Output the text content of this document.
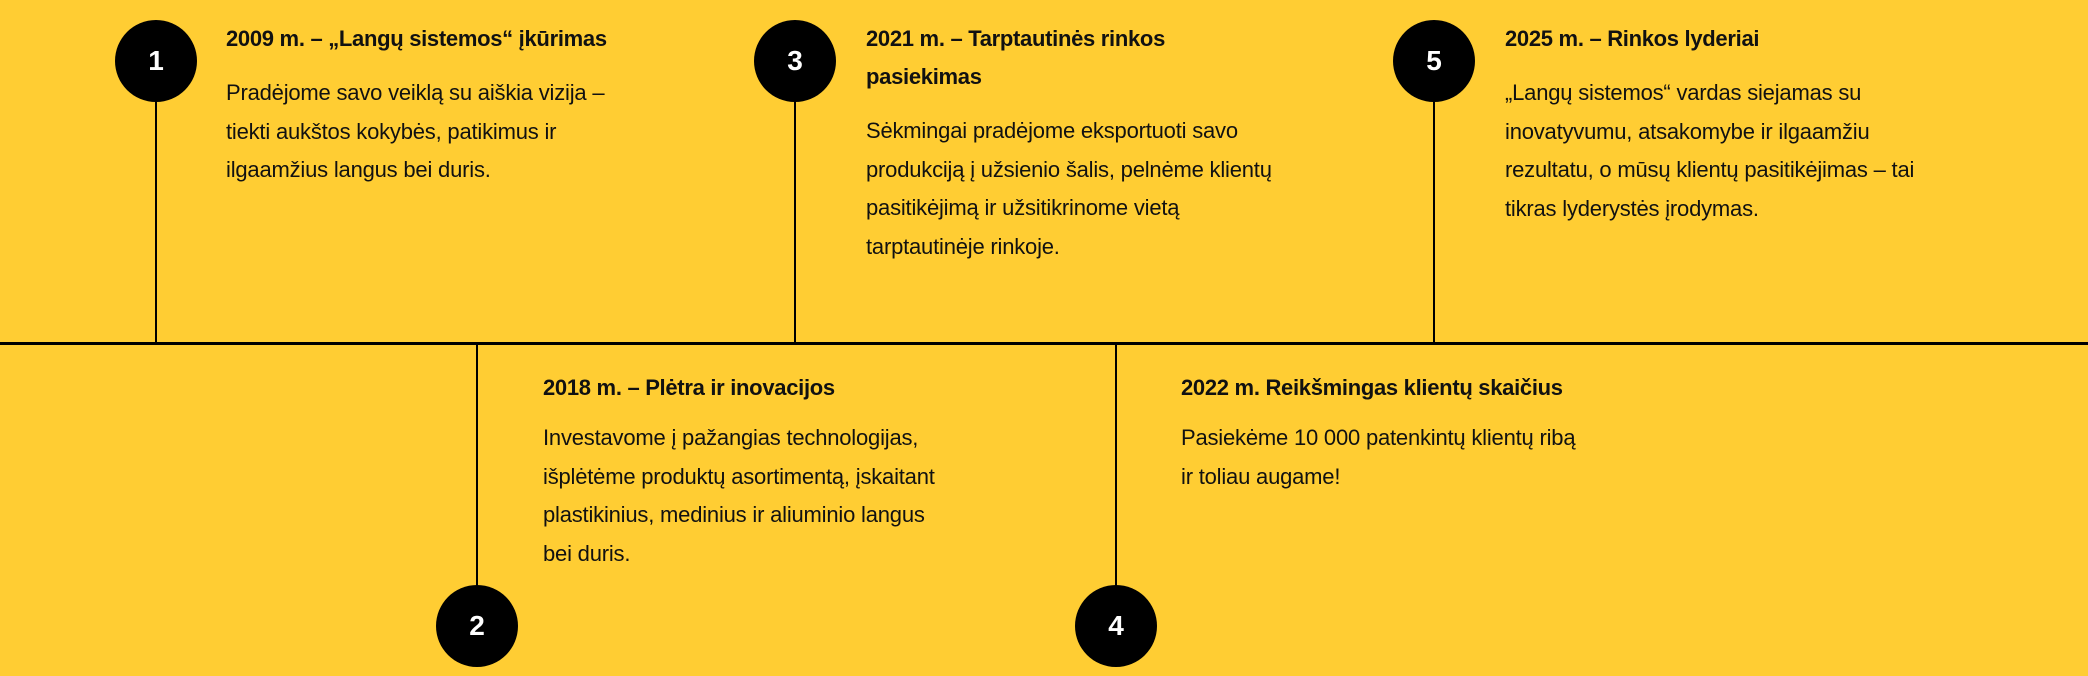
1
2009 m. – „Langų sistemos“ įkūrimas
Pradėjome savo veiklą su aiškia vizija –
tiekti aukštos kokybės, patikimus ir
ilgaamžius langus bei duris.
3
2021 m. – Tarptautinės rinkos
pasiekimas
Sėkmingai pradėjome eksportuoti savo
produkciją į užsienio šalis, pelnėme klientų
pasitikėjimą ir užsitikrinome vietą
tarptautinėje rinkoje.
5
2025 m. – Rinkos lyderiai
„Langų sistemos“ vardas siejamas su
inovatyvumu, atsakomybe ir ilgaamžiu
rezultatu, o mūsų klientų pasitikėjimas – tai
tikras lyderystės įrodymas.
2
2018 m. – Plėtra ir inovacijos
Investavome į pažangias technologijas,
išplėtėme produktų asortimentą, įskaitant
plastikinius, medinius ir aliuminio langus
bei duris.
4
2022 m. Reikšmingas klientų skaičius
Pasiekėme 10 000 patenkintų klientų ribą
ir toliau augame!
